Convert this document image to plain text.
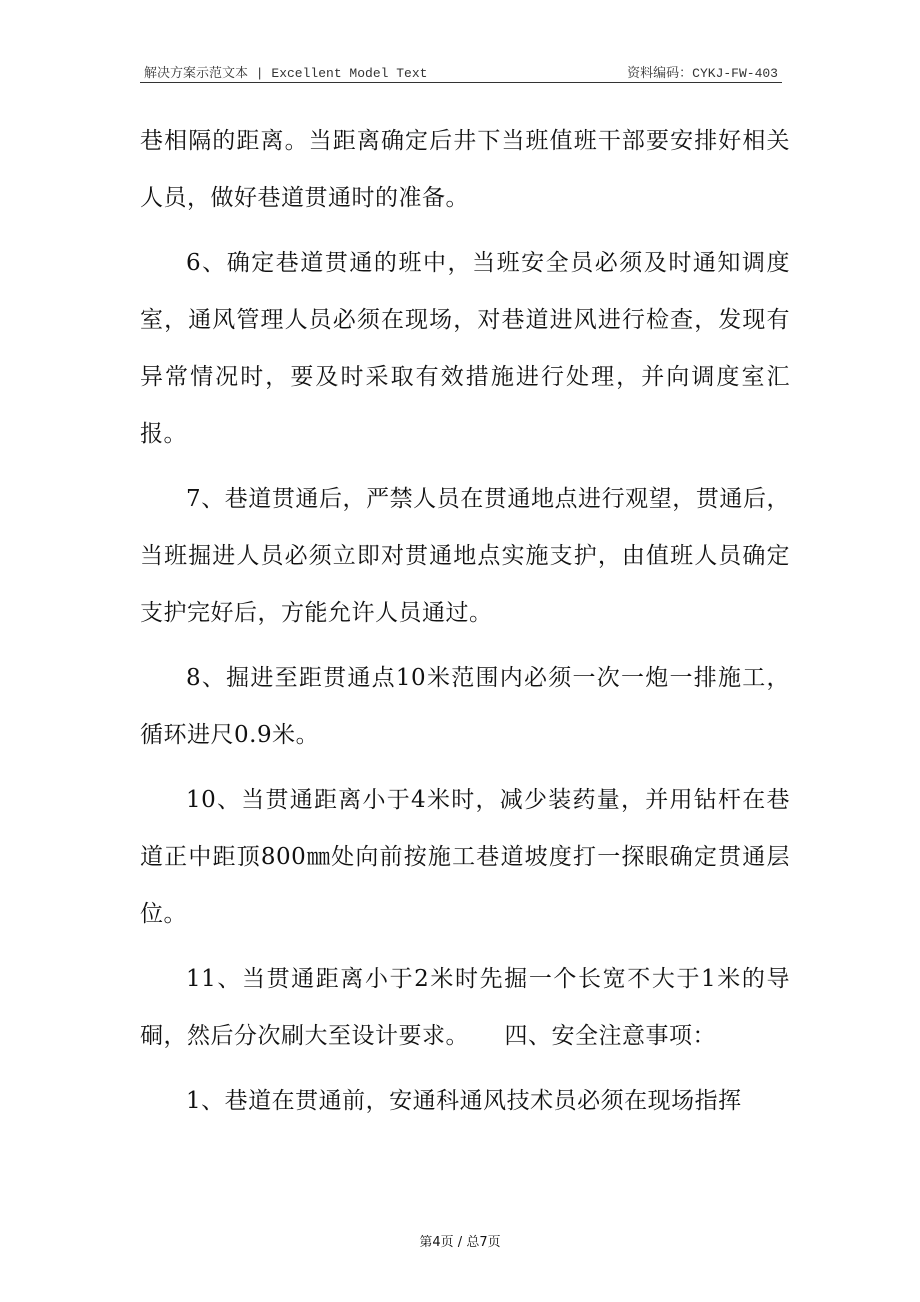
解决方案示范文本 | Excellent Model Text	资料编码：CYKJ-FW-403

巷相隔的距离。当距离确定后井下当班值班干部要安排好相关人员，做好巷道贯通时的准备。

6、确定巷道贯通的班中，当班安全员必须及时通知调度室，通风管理人员必须在现场，对巷道进风进行检查，发现有异常情况时，要及时采取有效措施进行处理，并向调度室汇报。

7、巷道贯通后，严禁人员在贯通地点进行观望，贯通后，当班掘进人员必须立即对贯通地点实施支护，由值班人员确定支护完好后，方能允许人员通过。

8、掘进至距贯通点10米范围内必须一次一炮一排施工，循环进尺0.9米。

10、当贯通距离小于4米时，减少装药量，并用钻杆在巷道正中距顶800㎜处向前按施工巷道坡度打一探眼确定贯通层位。

11、当贯通距离小于2米时先掘一个长宽不大于1米的导硐，然后分次刷大至设计要求。　　四、安全注意事项：

1、巷道在贯通前，安通科通风技术员必须在现场指挥

第4页 / 总7页
